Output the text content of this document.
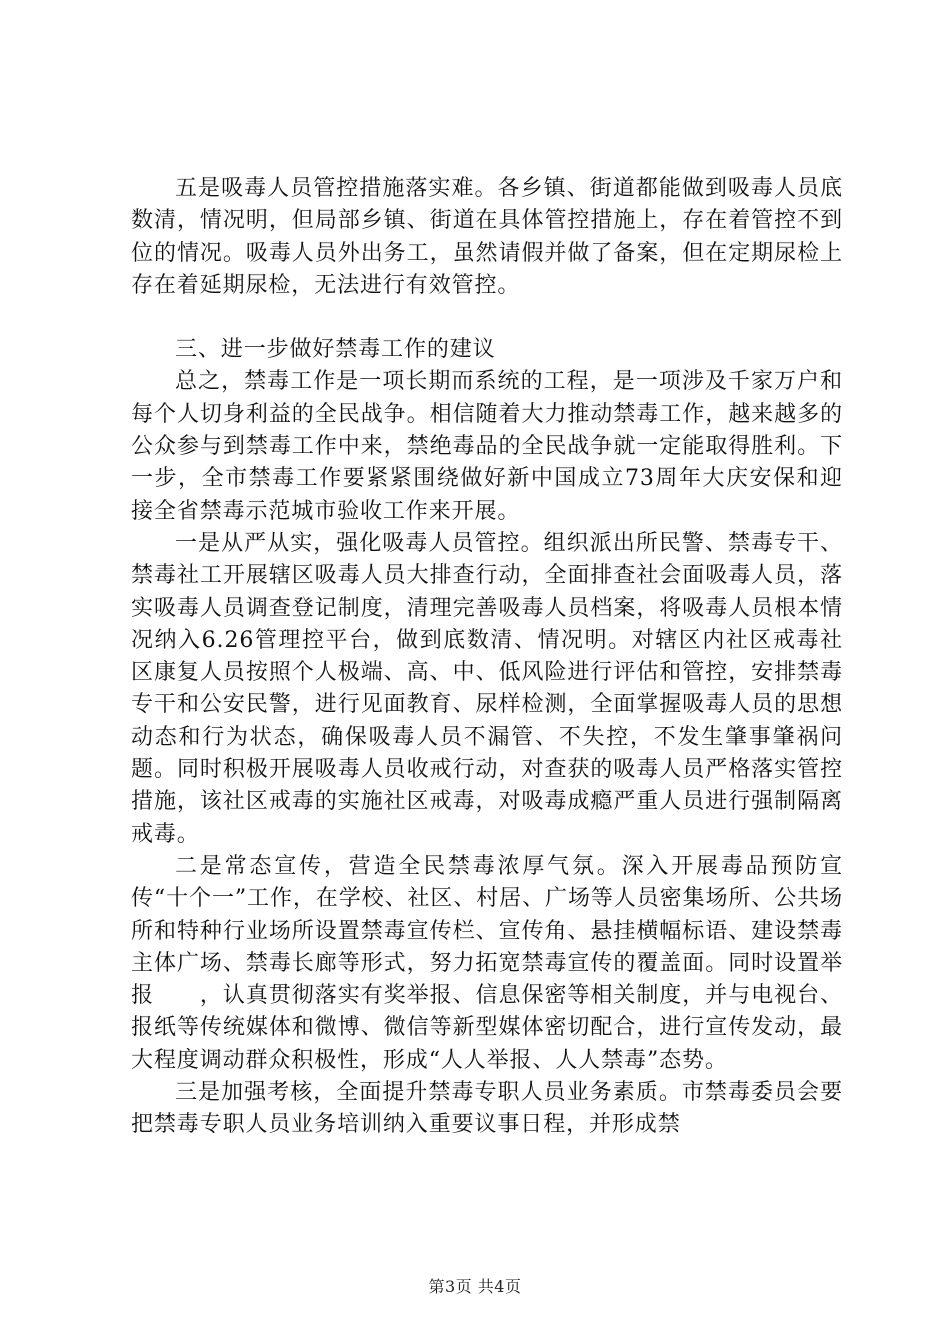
五是吸毒人员管控措施落实难。各乡镇、街道都能做到吸毒人员底数清，情况明，但局部乡镇、街道在具体管控措施上，存在着管控不到位的情况。吸毒人员外出务工，虽然请假并做了备案，但在定期尿检上存在着延期尿检，无法进行有效管控。

三、进一步做好禁毒工作的建议

总之，禁毒工作是一项长期而系统的工程，是一项涉及千家万户和每个人切身利益的全民战争。相信随着大力推动禁毒工作，越来越多的公众参与到禁毒工作中来，禁绝毒品的全民战争就一定能取得胜利。下一步，全市禁毒工作要紧紧围绕做好新中国成立73周年大庆安保和迎接全省禁毒示范城市验收工作来开展。

一是从严从实，强化吸毒人员管控。组织派出所民警、禁毒专干、禁毒社工开展辖区吸毒人员大排查行动，全面排查社会面吸毒人员，落实吸毒人员调查登记制度，清理完善吸毒人员档案，将吸毒人员根本情况纳入6.26管理控平台，做到底数清、情况明。对辖区内社区戒毒社区康复人员按照个人极端、高、中、低风险进行评估和管控，安排禁毒专干和公安民警，进行见面教育、尿样检测，全面掌握吸毒人员的思想动态和行为状态，确保吸毒人员不漏管、不失控，不发生肇事肇祸问题。同时积极开展吸毒人员收戒行动，对查获的吸毒人员严格落实管控措施，该社区戒毒的实施社区戒毒，对吸毒成瘾严重人员进行强制隔离戒毒。

二是常态宣传，营造全民禁毒浓厚气氛。深入开展毒品预防宣传“十个一”工作，在学校、社区、村居、广场等人员密集场所、公共场所和特种行业场所设置禁毒宣传栏、宣传角、悬挂横幅标语、建设禁毒主体广场、禁毒长廊等形式，努力拓宽禁毒宣传的覆盖面。同时设置举报　　，认真贯彻落实有奖举报、信息保密等相关制度，并与电视台、报纸等传统媒体和微博、微信等新型媒体密切配合，进行宣传发动，最大程度调动群众积极性，形成“人人举报、人人禁毒”态势。

三是加强考核，全面提升禁毒专职人员业务素质。市禁毒委员会要把禁毒专职人员业务培训纳入重要议事日程，并形成禁

第3页 共4页
